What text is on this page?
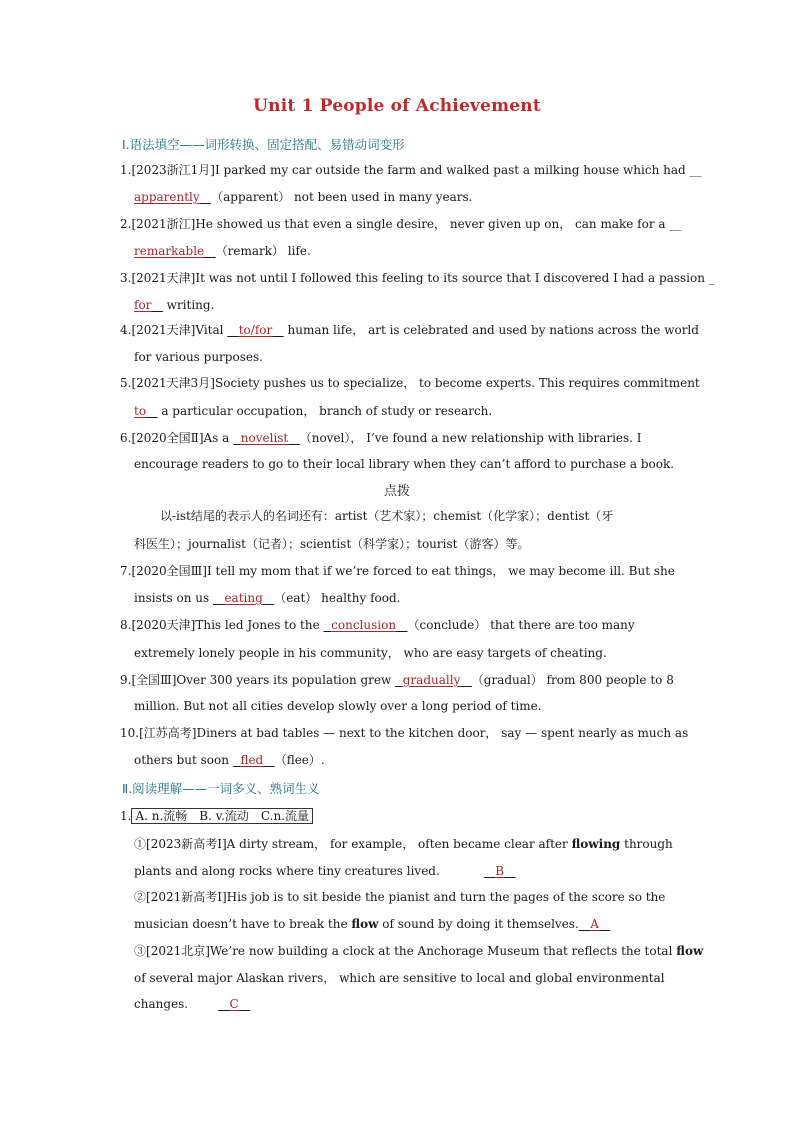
Unit 1 People of Achievement
Ⅰ.语法填空——词形转换、固定搭配、易错动词变形
1.[2023浙江1月]I parked my car outside the farm and walked past a milking house which had __
apparently （apparent） not been used in many years.
2.[2021浙江]He showed us that even a single desire， never given up on， can make for a __
remarkable （remark） life.
3.[2021天津]It was not until I followed this feeling to its source that I discovered I had a passion _
for    writing.
4.[2021天津]Vital    to/for    human life， art is celebrated and used by nations across the world
for various purposes.
5.[2021天津3月]Society pushes us to specialize， to become experts. This requires commitment
to    a particular occupation， branch of study or research.
6.[2020全国Ⅱ]As a   novelist （novel）， I’ve found a new relationship with libraries. I
encourage readers to go to their local library when they can’t afford to purchase a book.
点拨
以-ist结尾的表示人的名词还有：artist（艺术家）；chemist（化学家）；dentist（牙
科医生）；journalist（记者）；scientist（科学家）；tourist（游客）等。
7.[2020全国Ⅲ]I tell my mom that if we’re forced to eat things， we may become ill. But she
insists on us    eating （eat） healthy food.
8.[2020天津]This led Jones to the   conclusion （conclude） that there are too many
extremely lonely people in his community， who are easy targets of cheating.
9.[全国Ⅲ]Over 300 years its population grew   gradually （gradual） from 800 people to 8
million. But not all cities develop slowly over a long period of time.
10.[江苏高考]Diners at bad tables — next to the kitchen door， say — spent nearly as much as
others but soon   fled （flee）.
Ⅱ.阅读理解——一词多义、熟词生义
1. A. n.流畅　B. v.流动　C.n.流量
①[2023新高考Ⅰ]A dirty stream， for example， often became clear after flowing through
plants and along rocks where tiny creatures lived.	B
②[2021新高考Ⅰ]His job is to sit beside the pianist and turn the pages of the score so the
musician doesn’t have to break the flow of sound by doing it themselves. A
③[2021北京]We’re now building a clock at the Anchorage Museum that reflects the total flow
of several major Alaskan rivers， which are sensitive to local and global environmental
changes.	C
